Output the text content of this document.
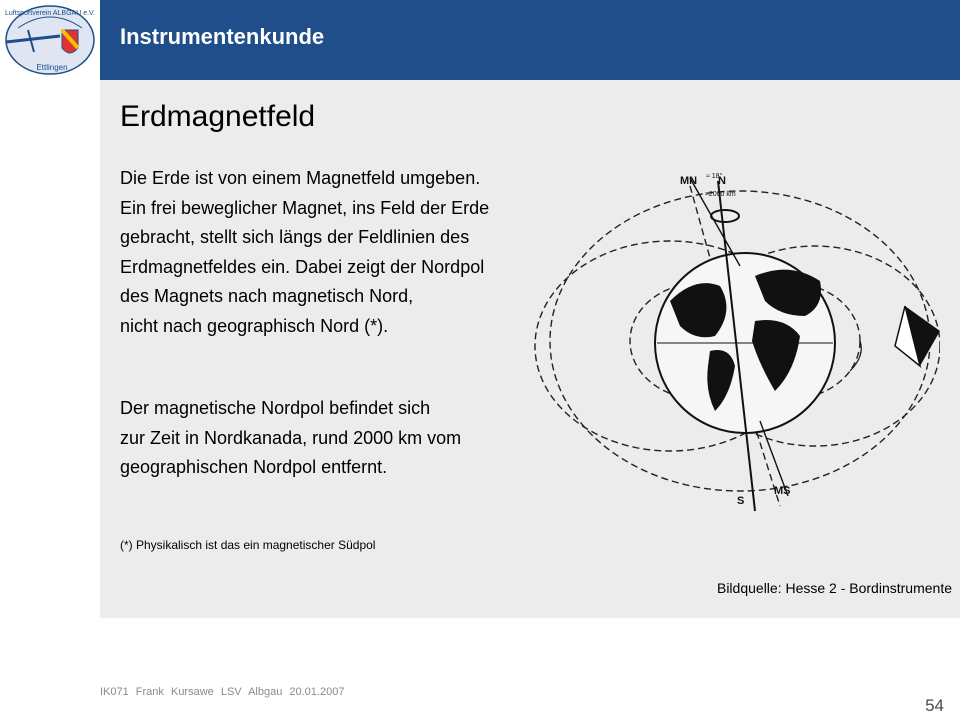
Luftsportverein ALBGAU e.V.
Ettlingen
Instrumentenkunde
Erdmagnetfeld
Die Erde ist von einem Magnetfeld umgeben.
Ein frei beweglicher Magnet, ins Feld der Erde
gebracht, stellt sich längs der Feldlinien des
Erdmagnetfeldes ein. Dabei zeigt der Nordpol
des Magnets nach magnetisch Nord,
nicht nach geographisch Nord (*).
Der magnetische Nordpol befindet sich
zur Zeit in Nordkanada, rund 2000 km vom
geographischen Nordpol entfernt.
(*) Physikalisch ist das ein magnetischer Südpol
MN N
≈ 18°
≈2000 km
S
MS
Bildquelle: Hesse 2 - Bordinstrumente
IK071 Frank Kursawe LSV Albgau 20.01.2007
54
